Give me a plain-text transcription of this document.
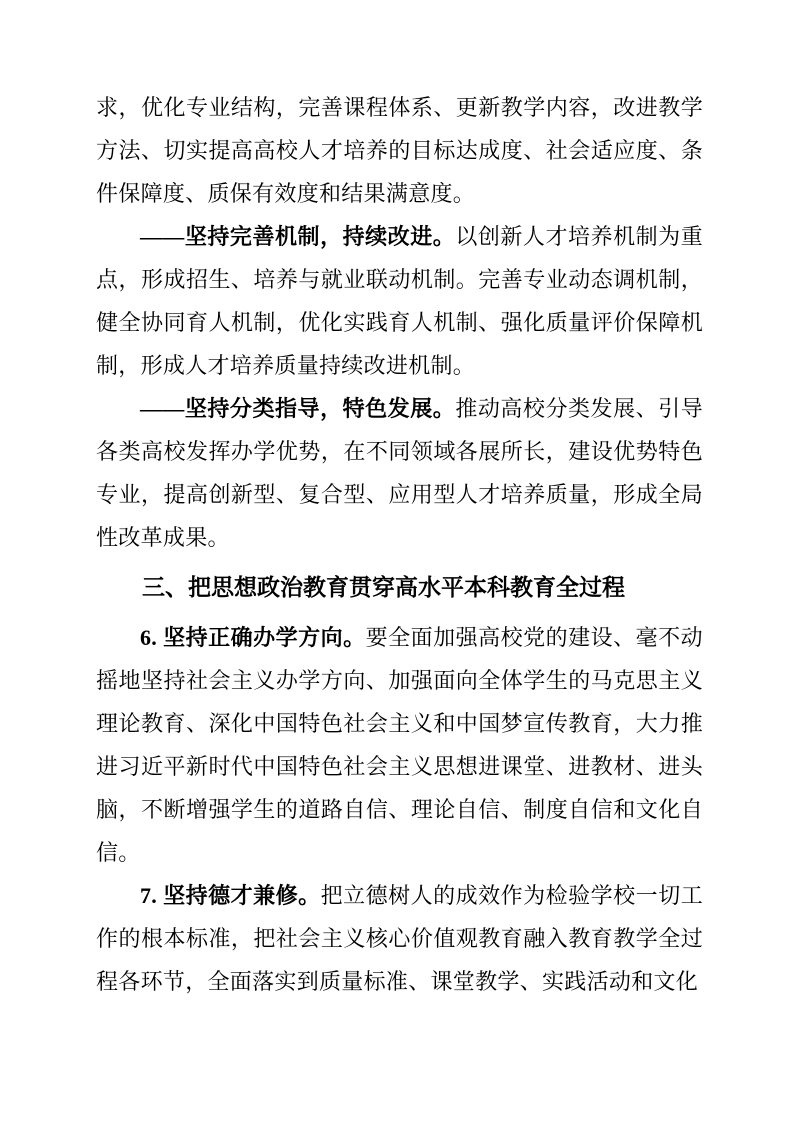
求，优化专业结构，完善课程体系、更新教学内容，改进教学方法、切实提高高校人才培养的目标达成度、社会适应度、条件保障度、质保有效度和结果满意度。

——坚持完善机制，持续改进。以创新人才培养机制为重点，形成招生、培养与就业联动机制。完善专业动态调机制，健全协同育人机制，优化实践育人机制、强化质量评价保障机制，形成人才培养质量持续改进机制。

——坚持分类指导，特色发展。推动高校分类发展、引导各类高校发挥办学优势，在不同领域各展所长，建设优势特色专业，提高创新型、复合型、应用型人才培养质量，形成全局性改革成果。

三、把思想政治教育贯穿高水平本科教育全过程

6. 坚持正确办学方向。要全面加强高校党的建设、毫不动摇地坚持社会主义办学方向、加强面向全体学生的马克思主义理论教育、深化中国特色社会主义和中国梦宣传教育，大力推进习近平新时代中国特色社会主义思想进课堂、进教材、进头脑，不断增强学生的道路自信、理论自信、制度自信和文化自信。

7. 坚持德才兼修。把立德树人的成效作为检验学校一切工作的根本标准，把社会主义核心价值观教育融入教育教学全过程各环节，全面落实到质量标准、课堂教学、实践活动和文化
